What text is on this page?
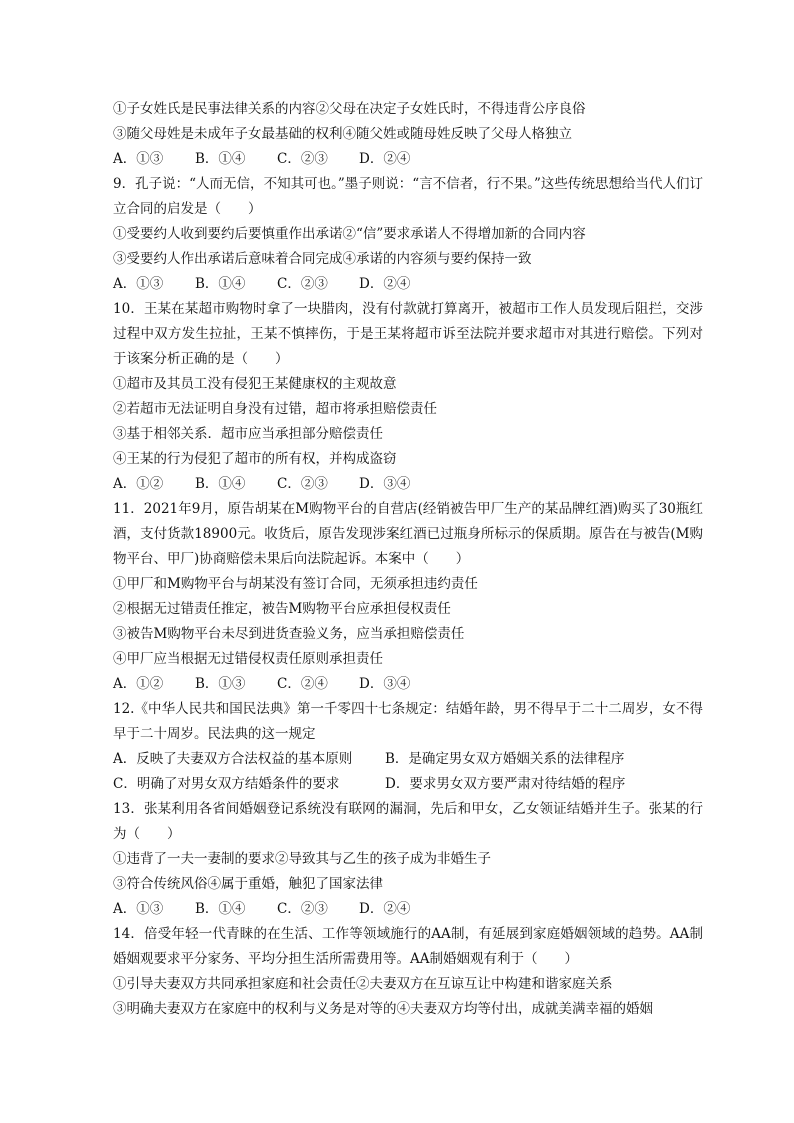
①子女姓氏是民事法律关系的内容②父母在决定子女姓氏时，不得违背公序良俗
③随父母姓是未成年子女最基础的权利④随父姓或随母姓反映了父母人格独立
A．①③	B．①④	C．②③	D．②④
9．孔子说：“人而无信，不知其可也。”墨子则说：“言不信者，行不果。”这些传统思想给当代人们订立合同的启发是（　　）
①受要约人收到要约后要慎重作出承诺②“信”要求承诺人不得增加新的合同内容
③受要约人作出承诺后意味着合同完成④承诺的内容须与要约保持一致
A．①③	B．①④	C．②③	D．②④
10．王某在某超市购物时拿了一块腊肉，没有付款就打算离开，被超市工作人员发现后阻拦，交涉过程中双方发生拉扯，王某不慎摔伤，于是王某将超市诉至法院并要求超市对其进行赔偿。下列对于该案分析正确的是（　　）
①超市及其员工没有侵犯王某健康权的主观故意
②若超市无法证明自身没有过错，超市将承担赔偿责任
③基于相邻关系．超市应当承担部分赔偿责任
④王某的行为侵犯了超市的所有权，并构成盗窃
A．①②	B．①④	C．②③	D．③④
11．2021年9月，原告胡某在M购物平台的自营店(经销被告甲厂生产的某品牌红酒)购买了30瓶红酒，支付货款18900元。收货后，原告发现涉案红酒已过瓶身所标示的保质期。原告在与被告(M购物平台、甲厂)协商赔偿未果后向法院起诉。本案中（　　）
①甲厂和M购物平台与胡某没有签订合同，无须承担违约责任
②根据无过错责任推定，被告M购物平台应承担侵权责任
③被告M购物平台未尽到进货查验义务，应当承担赔偿责任
④甲厂应当根据无过错侵权责任原则承担责任
A．①②	B．①③	C．②④	D．③④
12.《中华人民共和国民法典》第一千零四十七条规定：结婚年龄，男不得早于二十二周岁，女不得早于二十周岁。民法典的这一规定
A．反映了夫妻双方合法权益的基本原则	B．是确定男女双方婚姻关系的法律程序
C．明确了对男女双方结婚条件的要求	D．要求男女双方要严肃对待结婚的程序
13．张某利用各省间婚姻登记系统没有联网的漏洞，先后和甲女，乙女领证结婚并生子。张某的行为（　　）
①违背了一夫一妻制的要求②导致其与乙生的孩子成为非婚生子
③符合传统风俗④属于重婚，触犯了国家法律
A．①③	B．①④	C．②③	D．②④
14．倍受年轻一代青睐的在生活、工作等领域施行的AA制，有延展到家庭婚姻领域的趋势。AA制婚姻观要求平分家务、平均分担生活所需费用等。AA制婚姻观有利于（　　）
①引导夫妻双方共同承担家庭和社会责任②夫妻双方在互谅互让中构建和谐家庭关系
③明确夫妻双方在家庭中的权利与义务是对等的④夫妻双方均等付出，成就美满幸福的婚姻
